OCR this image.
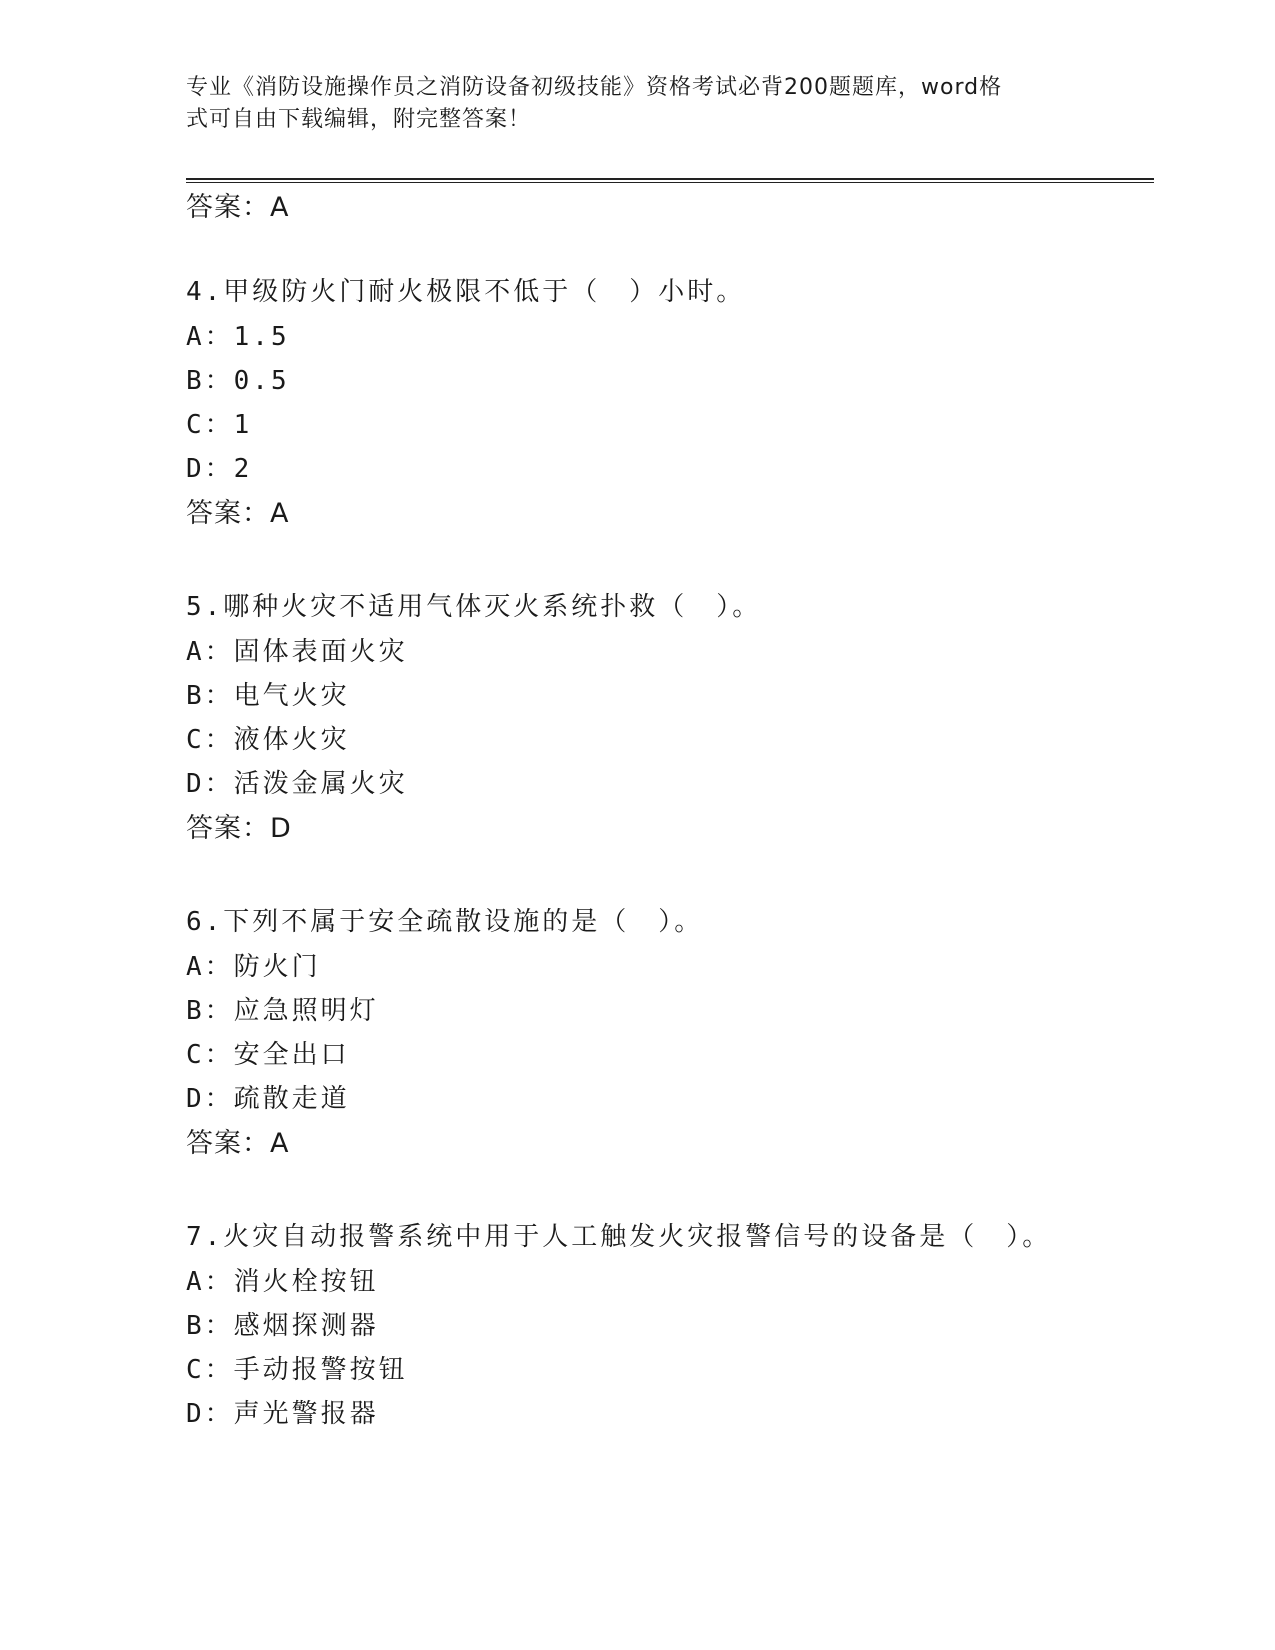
专业《消防设施操作员之消防设备初级技能》资格考试必背200题题库，word格
式可自由下载编辑，附完整答案！
答案：A
4.甲级防火门耐火极限不低于（　）小时。
A：1.5
B：0.5
C：1
D：2
答案：A
5.哪种火灾不适用气体灭火系统扑救（　）。
A：固体表面火灾
B：电气火灾
C：液体火灾
D：活泼金属火灾
答案：D
6.下列不属于安全疏散设施的是（　）。
A：防火门
B：应急照明灯
C：安全出口
D：疏散走道
答案：A
7.火灾自动报警系统中用于人工触发火灾报警信号的设备是（　）。
A：消火栓按钮
B：感烟探测器
C：手动报警按钮
D：声光警报器
